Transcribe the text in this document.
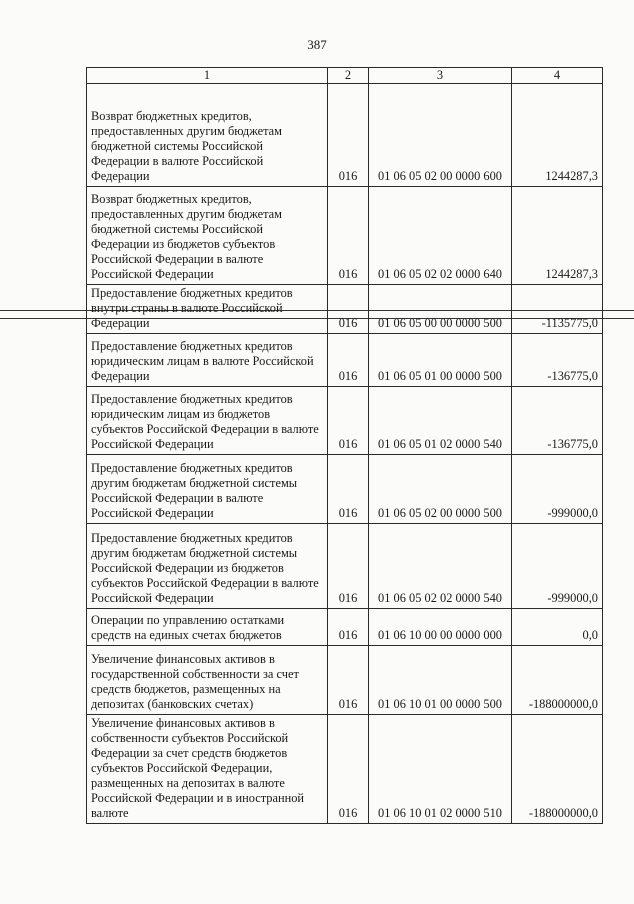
387
1	2	3	4
Возврат бюджетных кредитов, предоставленных другим бюджетам бюджетной системы Российской Федерации в валюте Российской Федерации	016	01 06 05 02 00 0000 600	1244287,3
Возврат бюджетных кредитов, предоставленных другим бюджетам бюджетной системы Российской Федерации из бюджетов субъектов Российской Федерации в валюте Российской Федерации	016	01 06 05 02 02 0000 640	1244287,3
Предоставление бюджетных кредитов внутри страны в валюте Российской Федерации	016	01 06 05 00 00 0000 500	-1135775,0
Предоставление бюджетных кредитов юридическим лицам в валюте Российской Федерации	016	01 06 05 01 00 0000 500	-136775,0
Предоставление бюджетных кредитов юридическим лицам из бюджетов субъектов Российской Федерации в валюте Российской Федерации	016	01 06 05 01 02 0000 540	-136775,0
Предоставление бюджетных кредитов другим бюджетам бюджетной системы Российской Федерации в валюте Российской Федерации	016	01 06 05 02 00 0000 500	-999000,0
Предоставление бюджетных кредитов другим бюджетам бюджетной системы Российской Федерации из бюджетов субъектов Российской Федерации в валюте Российской Федерации	016	01 06 05 02 02 0000 540	-999000,0
Операции по управлению остатками средств на единых счетах бюджетов	016	01 06 10 00 00 0000 000	0,0
Увеличение финансовых активов в государственной собственности за счет средств бюджетов, размещенных на депозитах (банковских счетах)	016	01 06 10 01 00 0000 500	-188000000,0
Увеличение финансовых активов в собственности субъектов Российской Федерации за счет средств бюджетов субъектов Российской Федерации, размещенных на депозитах в валюте Российской Федерации и в иностранной валюте	016	01 06 10 01 02 0000 510	-188000000,0
